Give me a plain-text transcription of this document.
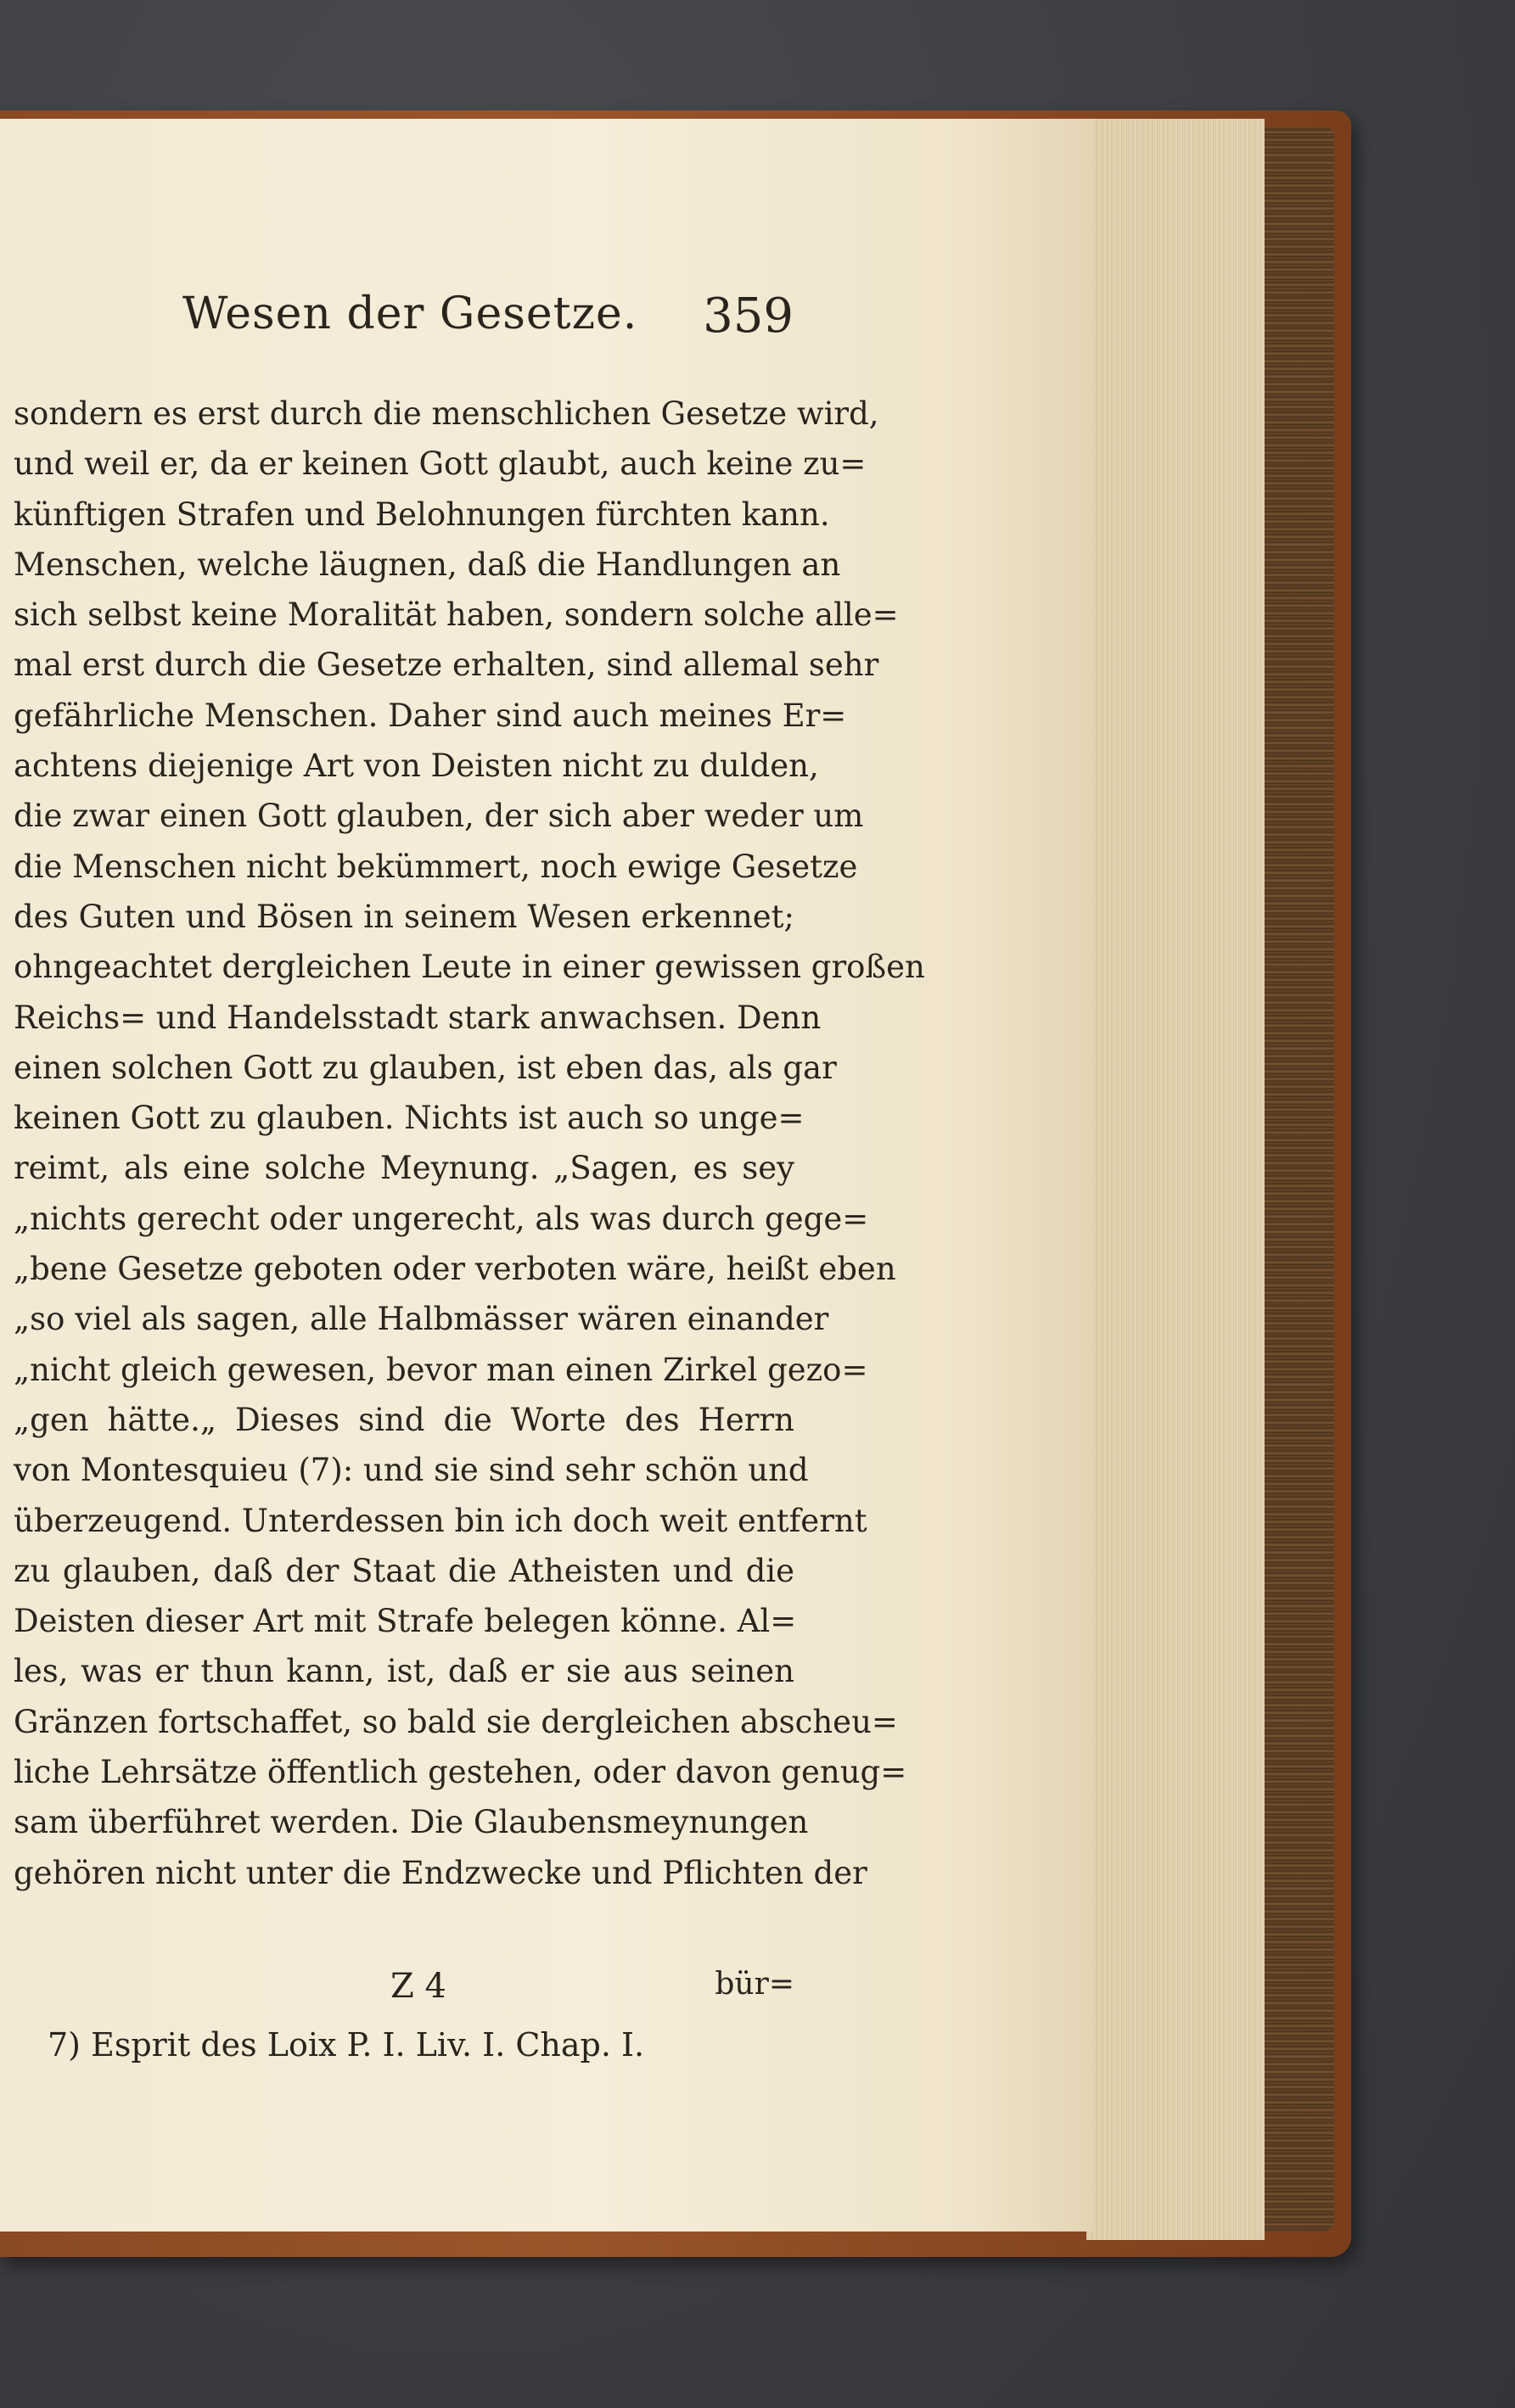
Wesen der Gesetze. 359
sondern es erst durch die menschlichen Gesetze wird,
und weil er, da er keinen Gott glaubt, auch keine zu=
künftigen Strafen und Belohnungen fürchten kann.
Menschen, welche läugnen, daß die Handlungen an
sich selbst keine Moralität haben, sondern solche alle=
mal erst durch die Gesetze erhalten, sind allemal sehr
gefährliche Menschen. Daher sind auch meines Er=
achtens diejenige Art von Deisten nicht zu dulden,
die zwar einen Gott glauben, der sich aber weder um
die Menschen nicht bekümmert, noch ewige Gesetze
des Guten und Bösen in seinem Wesen erkennet;
ohngeachtet dergleichen Leute in einer gewissen großen
Reichs= und Handelsstadt stark anwachsen. Denn
einen solchen Gott zu glauben, ist eben das, als gar
keinen Gott zu glauben. Nichts ist auch so unge=
reimt, als eine solche Meynung. „Sagen, es sey
„nichts gerecht oder ungerecht, als was durch gege=
„bene Gesetze geboten oder verboten wäre, heißt eben
„so viel als sagen, alle Halbmässer wären einander
„nicht gleich gewesen, bevor man einen Zirkel gezo=
„gen hätte.„ Dieses sind die Worte des Herrn
von Montesquieu (7): und sie sind sehr schön und
überzeugend. Unterdessen bin ich doch weit entfernt
zu glauben, daß der Staat die Atheisten und die
Deisten dieser Art mit Strafe belegen könne. Al=
les, was er thun kann, ist, daß er sie aus seinen
Gränzen fortschaffet, so bald sie dergleichen abscheu=
liche Lehrsätze öffentlich gestehen, oder davon genug=
sam überführet werden. Die Glaubensmeynungen
gehören nicht unter die Endzwecke und Pflichten der
Z 4	bür=
7) Esprit des Loix P. I. Liv. I. Chap. I.
